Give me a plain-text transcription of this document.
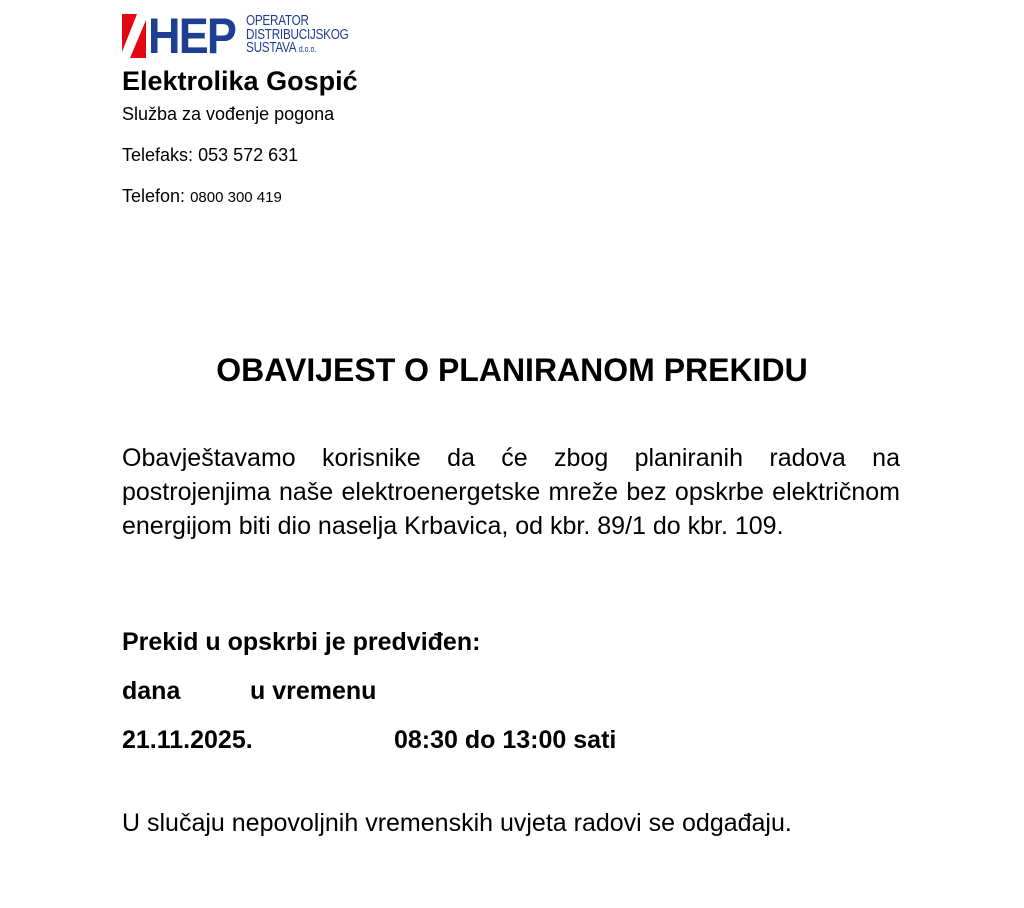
HEP OPERATOR
DISTRIBUCIJSKOG
SUSTAVA d.o.o.
Elektrolika Gospić
Služba za vođenje pogona
Telefaks: 053 572 631
Telefon: 0800 300 419
OBAVIJEST O PLANIRANOM PREKIDU
Obavještavamo korisnike da će zbog planiranih radova na postrojenjima naše elektroenergetske mreže bez opskrbe električnom energijom biti dio naselja Krbavica, od kbr. 89/1 do kbr. 109.
Prekid u opskrbi je predviđen:
dana	u vremenu
21.11.2025.	08:30 do 13:00 sati
U slučaju nepovoljnih vremenskih uvjeta radovi se odgađaju.
